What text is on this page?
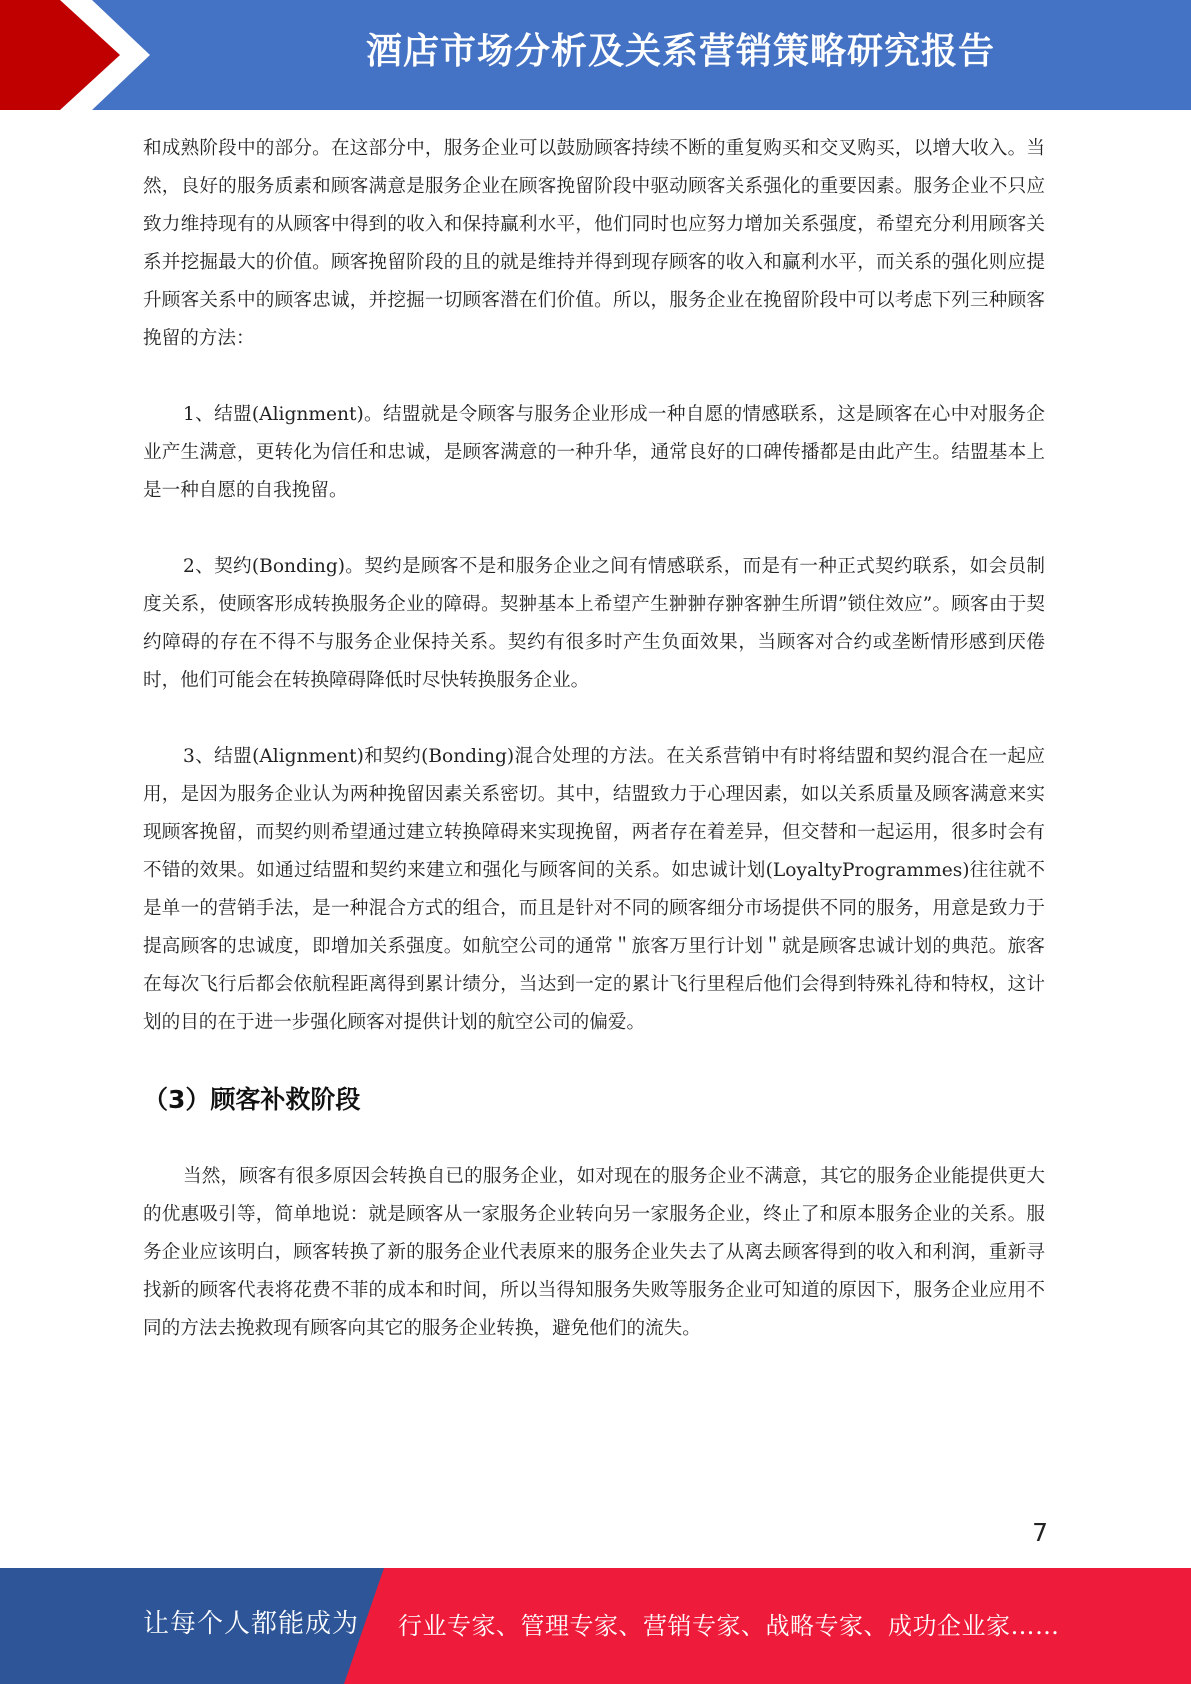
酒店市场分析及关系营销策略研究报告

和成熟阶段中的部分。在这部分中，服务企业可以鼓励顾客持续不断的重复购买和交叉购买，以增大收入。当然，良好的服务质素和顾客满意是服务企业在顾客挽留阶段中驱动顾客关系强化的重要因素。服务企业不只应致力维持现有的从顾客中得到的收入和保持赢利水平，他们同时也应努力增加关系强度，希望充分利用顾客关系并挖掘最大的价值。顾客挽留阶段的且的就是维持并得到现存顾客的收入和赢利水平，而关系的强化则应提升顾客关系中的顾客忠诚，并挖掘一切顾客潜在们价值。所以，服务企业在挽留阶段中可以考虑下列三种顾客挽留的方法：

1、结盟(Alignment)。结盟就是令顾客与服务企业形成一种自愿的情感联系，这是顾客在心中对服务企业产生满意，更转化为信任和忠诚，是顾客满意的一种升华，通常良好的口碑传播都是由此产生。结盟基本上是一种自愿的自我挽留。

2、契约(Bonding)。契约是顾客不是和服务企业之间有情感联系，而是有一种正式契约联系，如会员制度关系，使顾客形成转换服务企业的障碍。契翀基本上希望产生翀翀存翀客翀生所谓”锁住效应”。顾客由于契约障碍的存在不得不与服务企业保持关系。契约有很多时产生负面效果，当顾客对合约或垄断情形感到厌倦时，他们可能会在转换障碍降低时尽快转换服务企业。

3、结盟(Alignment)和契约(Bonding)混合处理的方法。在关系营销中有时将结盟和契约混合在一起应用，是因为服务企业认为两种挽留因素关系密切。其中，结盟致力于心理因素，如以关系质量及顾客满意来实现顾客挽留，而契约则希望通过建立转换障碍来实现挽留，两者存在着差异，但交替和一起运用，很多时会有不错的效果。如通过结盟和契约来建立和强化与顾客间的关系。如忠诚计划(LoyaltyProgrammes)往往就不是单一的营销手法，是一种混合方式的组合，而且是针对不同的顾客细分市场提供不同的服务，用意是致力于提高顾客的忠诚度，即增加关系强度。如航空公司的通常＂旅客万里行计划＂就是顾客忠诚计划的典范。旅客在每次飞行后都会依航程距离得到累计绩分，当达到一定的累计飞行里程后他们会得到特殊礼待和特权，这计划的目的在于进一步强化顾客对提供计划的航空公司的偏爱。

（3）顾客补救阶段

当然，顾客有很多原因会转换自已的服务企业，如对现在的服务企业不满意，其它的服务企业能提供更大的优惠吸引等，简单地说：就是顾客从一家服务企业转向另一家服务企业，终止了和原本服务企业的关系。服务企业应该明白，顾客转换了新的服务企业代表原来的服务企业失去了从离去顾客得到的收入和利润，重新寻找新的顾客代表将花费不菲的成本和时间，所以当得知服务失败等服务企业可知道的原因下，服务企业应用不同的方法去挽救现有顾客向其它的服务企业转换，避免他们的流失。

7
让每个人都能成为 行业专家、管理专家、营销专家、战略专家、成功企业家……
